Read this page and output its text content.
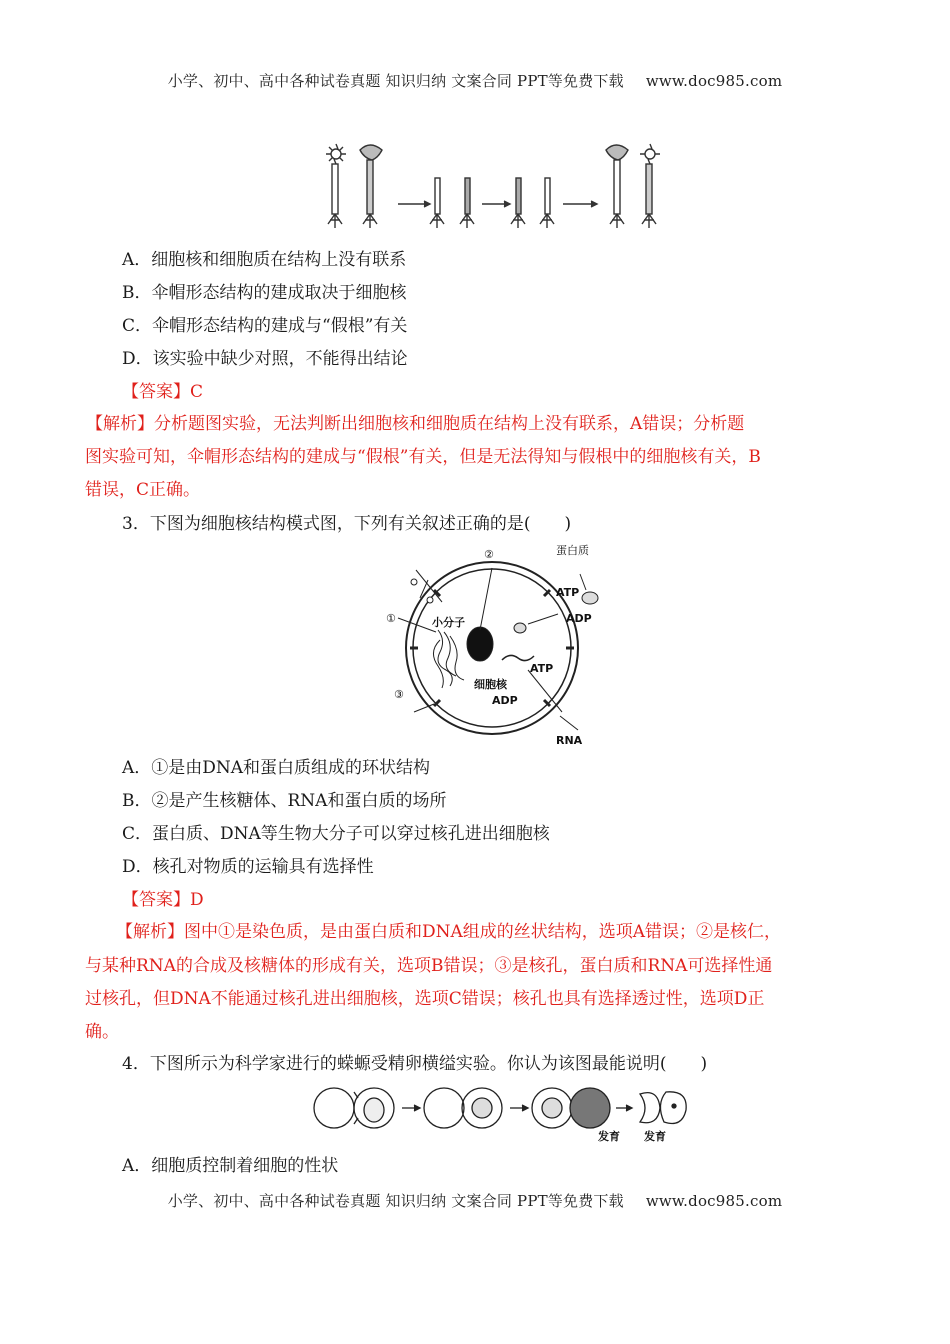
小学、初中、高中各种试卷真题 知识归纳 文案合同 PPT等免费下载 www.doc985.com
A．细胞核和细胞质在结构上没有联系
B．伞帽形态结构的建成取决于细胞核
C．伞帽形态结构的建成与“假根”有关
D．该实验中缺少对照，不能得出结论
【答案】C
【解析】分析题图实验，无法判断出细胞核和细胞质在结构上没有联系，A错误；分析题
图实验可知，伞帽形态结构的建成与“假根”有关，但是无法得知与假根中的细胞核有关，B
错误，C正确。
3．下图为细胞核结构模式图，下列有关叙述正确的是(　　)
②
①
③
蛋白质
ATP
ADP
小分子
ATP
细胞核
ADP
RNA
A．①是由DNA和蛋白质组成的环状结构
B．②是产生核糖体、RNA和蛋白质的场所
C．蛋白质、DNA等生物大分子可以穿过核孔进出细胞核
D．核孔对物质的运输具有选择性
【答案】D
【解析】图中①是染色质，是由蛋白质和DNA组成的丝状结构，选项A错误；②是核仁，
与某种RNA的合成及核糖体的形成有关，选项B错误；③是核孔，蛋白质和RNA可选择性通
过核孔，但DNA不能通过核孔进出细胞核，选项C错误；核孔也具有选择透过性，选项D正
确。
4．下图所示为科学家进行的蝾螈受精卵横缢实验。你认为该图最能说明(　　)
发育 发育
A．细胞质控制着细胞的性状
小学、初中、高中各种试卷真题 知识归纳 文案合同 PPT等免费下载 www.doc985.com
